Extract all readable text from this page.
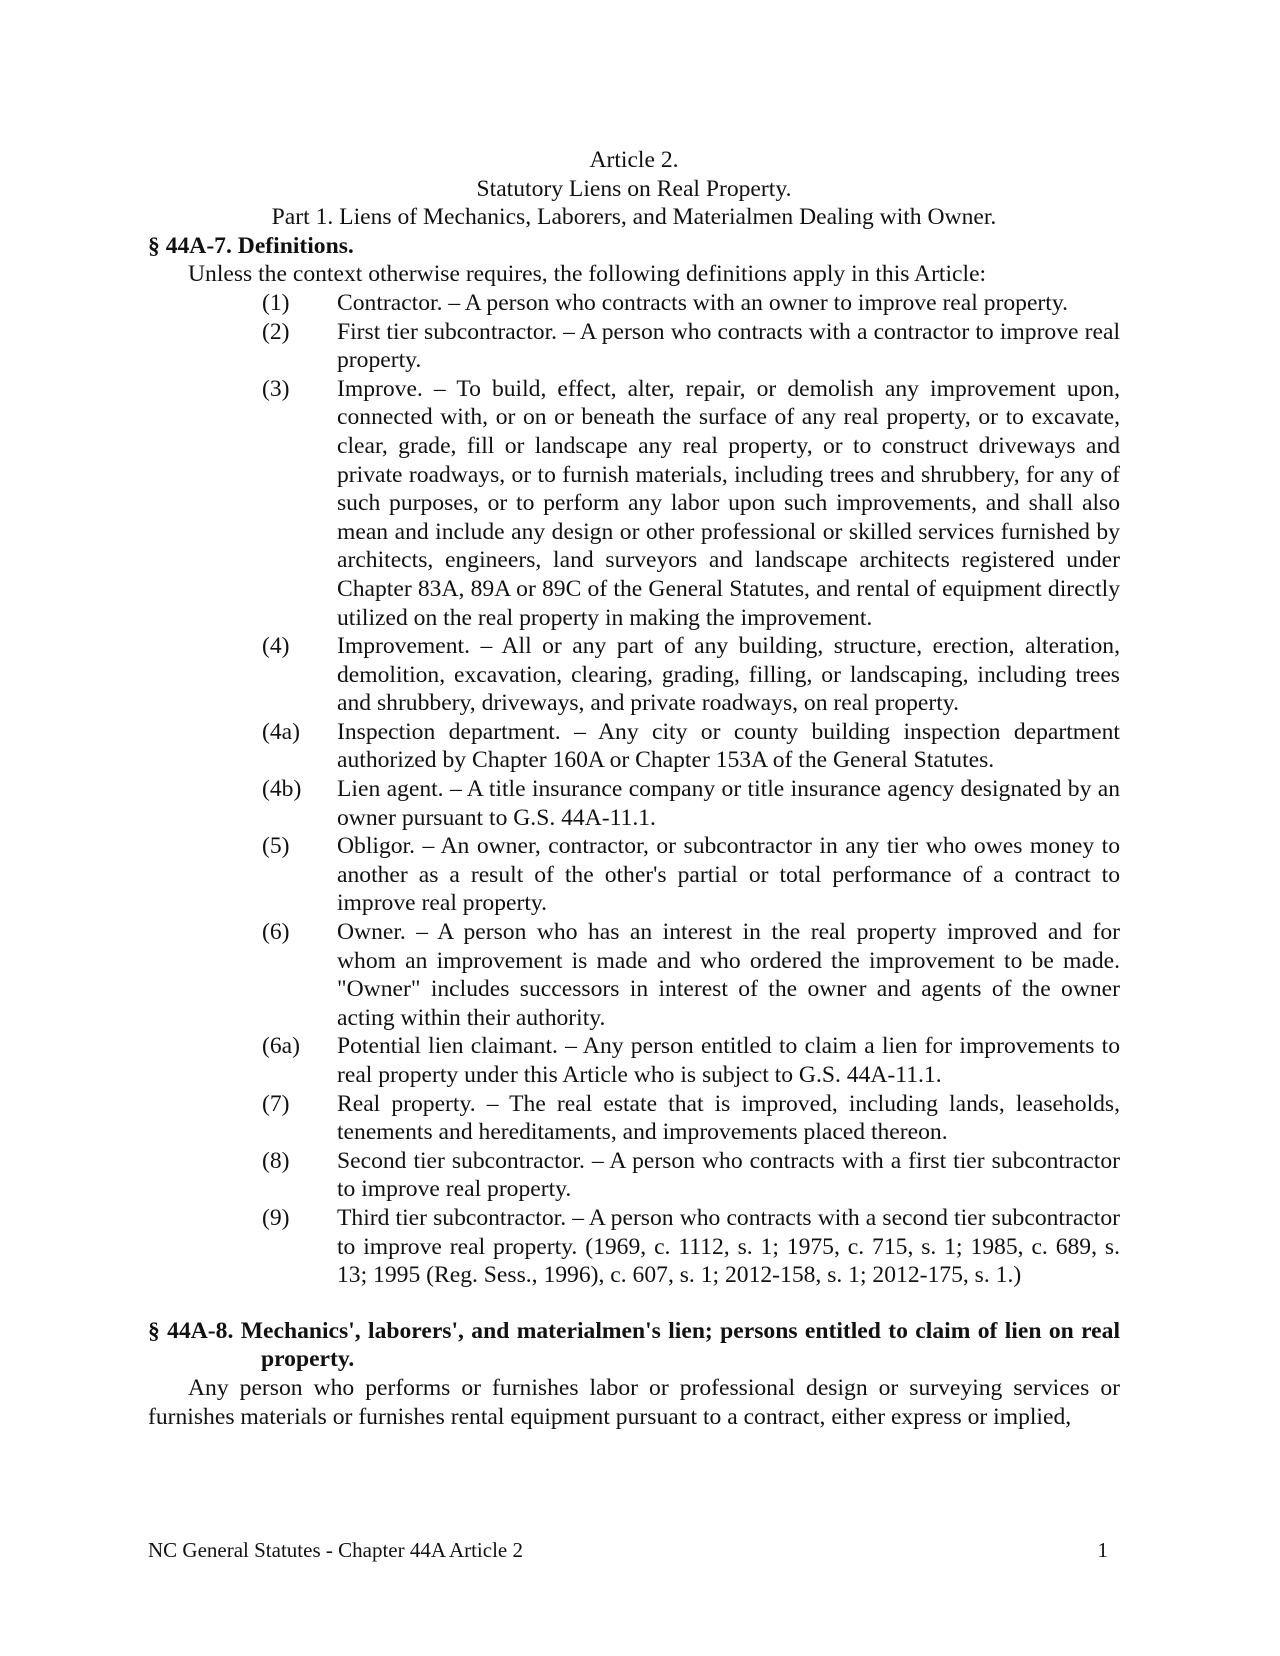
Article 2.
Statutory Liens on Real Property.
Part 1. Liens of Mechanics, Laborers, and Materialmen Dealing with Owner.
§ 44A-7. Definitions.

Unless the context otherwise requires, the following definitions apply in this Article:

(1)	Contractor. – A person who contracts with an owner to improve real property.
(2)	First tier subcontractor. – A person who contracts with a contractor to improve real property.
(3)	Improve. – To build, effect, alter, repair, or demolish any improvement upon, connected with, or on or beneath the surface of any real property, or to excavate, clear, grade, fill or landscape any real property, or to construct driveways and private roadways, or to furnish materials, including trees and shrubbery, for any of such purposes, or to perform any labor upon such improvements, and shall also mean and include any design or other professional or skilled services furnished by architects, engineers, land surveyors and landscape architects registered under Chapter 83A, 89A or 89C of the General Statutes, and rental of equipment directly utilized on the real property in making the improvement.
(4)	Improvement. – All or any part of any building, structure, erection, alteration, demolition, excavation, clearing, grading, filling, or landscaping, including trees and shrubbery, driveways, and private roadways, on real property.
(4a)	Inspection department. – Any city or county building inspection department authorized by Chapter 160A or Chapter 153A of the General Statutes.
(4b)	Lien agent. – A title insurance company or title insurance agency designated by an owner pursuant to G.S. 44A-11.1.
(5)	Obligor. – An owner, contractor, or subcontractor in any tier who owes money to another as a result of the other's partial or total performance of a contract to improve real property.
(6)	Owner. – A person who has an interest in the real property improved and for whom an improvement is made and who ordered the improvement to be made. "Owner" includes successors in interest of the owner and agents of the owner acting within their authority.
(6a)	Potential lien claimant. – Any person entitled to claim a lien for improvements to real property under this Article who is subject to G.S. 44A-11.1.
(7)	Real property. – The real estate that is improved, including lands, leaseholds, tenements and hereditaments, and improvements placed thereon.
(8)	Second tier subcontractor. – A person who contracts with a first tier subcontractor to improve real property.
(9)	Third tier subcontractor. – A person who contracts with a second tier subcontractor to improve real property. (1969, c. 1112, s. 1; 1975, c. 715, s. 1; 1985, c. 689, s. 13; 1995 (Reg. Sess., 1996), c. 607, s. 1; 2012-158, s. 1; 2012-175, s. 1.)
§ 44A-8. Mechanics', laborers', and materialmen's lien; persons entitled to claim of lien on real property.

Any person who performs or furnishes labor or professional design or surveying services or furnishes materials or furnishes rental equipment pursuant to a contract, either express or implied,

NC General Statutes - Chapter 44A Article 2	1
